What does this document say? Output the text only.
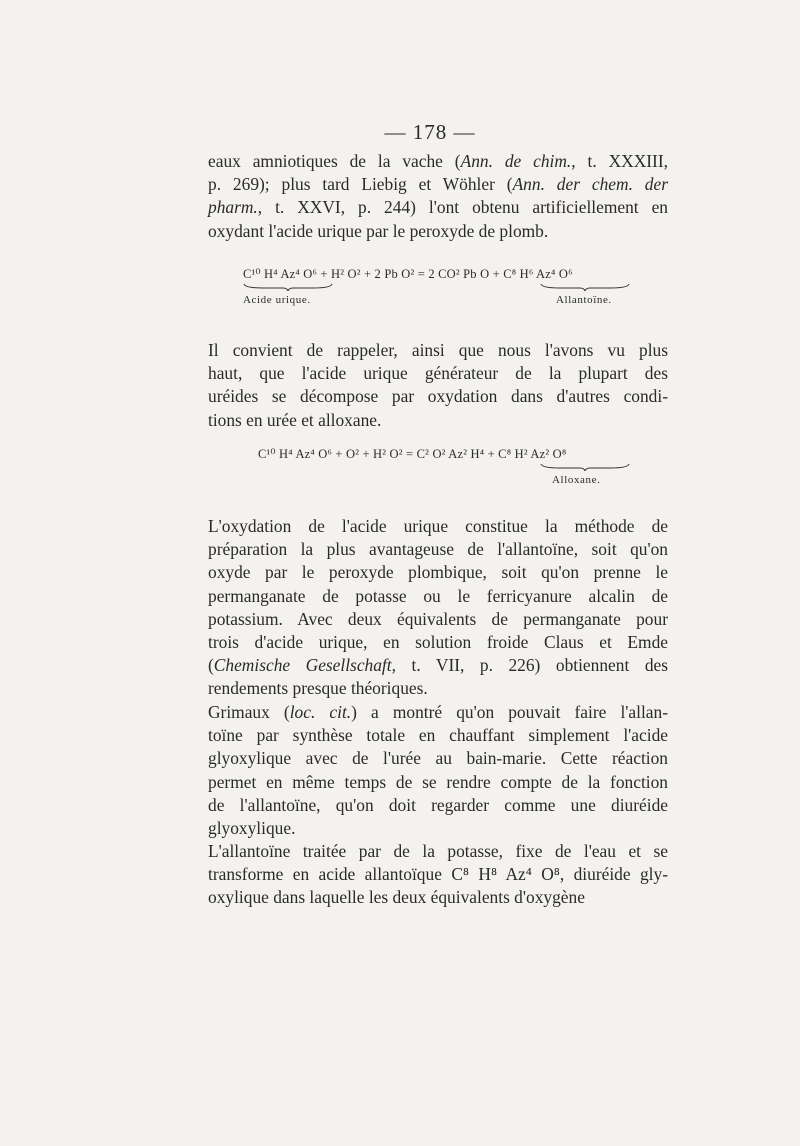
— 178 —
eaux amniotiques de la vache (Ann. de chim., t. XXXIII,
p. 269); plus tard Liebig et Wöhler (Ann. der chem. der
pharm., t. XXVI, p. 244) l'ont obtenu artificiellement en
oxydant l'acide urique par le peroxyde de plomb.
C¹⁰ H⁴ Az⁴ O⁶ + H² O² + 2 Pb O² = 2 CO² Pb O + C⁸ H⁶ Az⁴ O⁶
Acide urique.	Allantoïne.
Il convient de rappeler, ainsi que nous l'avons vu plus
haut, que l'acide urique générateur de la plupart des
uréides se décompose par oxydation dans d'autres condi-
tions en urée et alloxane.
C¹⁰ H⁴ Az⁴ O⁶ + O² + H² O² = C² O² Az² H⁴ + C⁸ H² Az² O⁸
Alloxane.
L'oxydation de l'acide urique constitue la méthode de
préparation la plus avantageuse de l'allantoïne, soit qu'on
oxyde par le peroxyde plombique, soit qu'on prenne le
permanganate de potasse ou le ferricyanure alcalin de
potassium. Avec deux équivalents de permanganate pour
trois d'acide urique, en solution froide Claus et Emde
(Chemische Gesellschaft, t. VII, p. 226) obtiennent des
rendements presque théoriques.
Grimaux (loc. cit.) a montré qu'on pouvait faire l'allan-
toïne par synthèse totale en chauffant simplement l'acide
glyoxylique avec de l'urée au bain-marie. Cette réaction
permet en même temps de se rendre compte de la fonction
de l'allantoïne, qu'on doit regarder comme une diuréide
glyoxylique.
L'allantoïne traitée par de la potasse, fixe de l'eau et se
transforme en acide allantoïque C⁸ H⁸ Az⁴ O⁸, diuréide gly-
oxylique dans laquelle les deux équivalents d'oxygène
